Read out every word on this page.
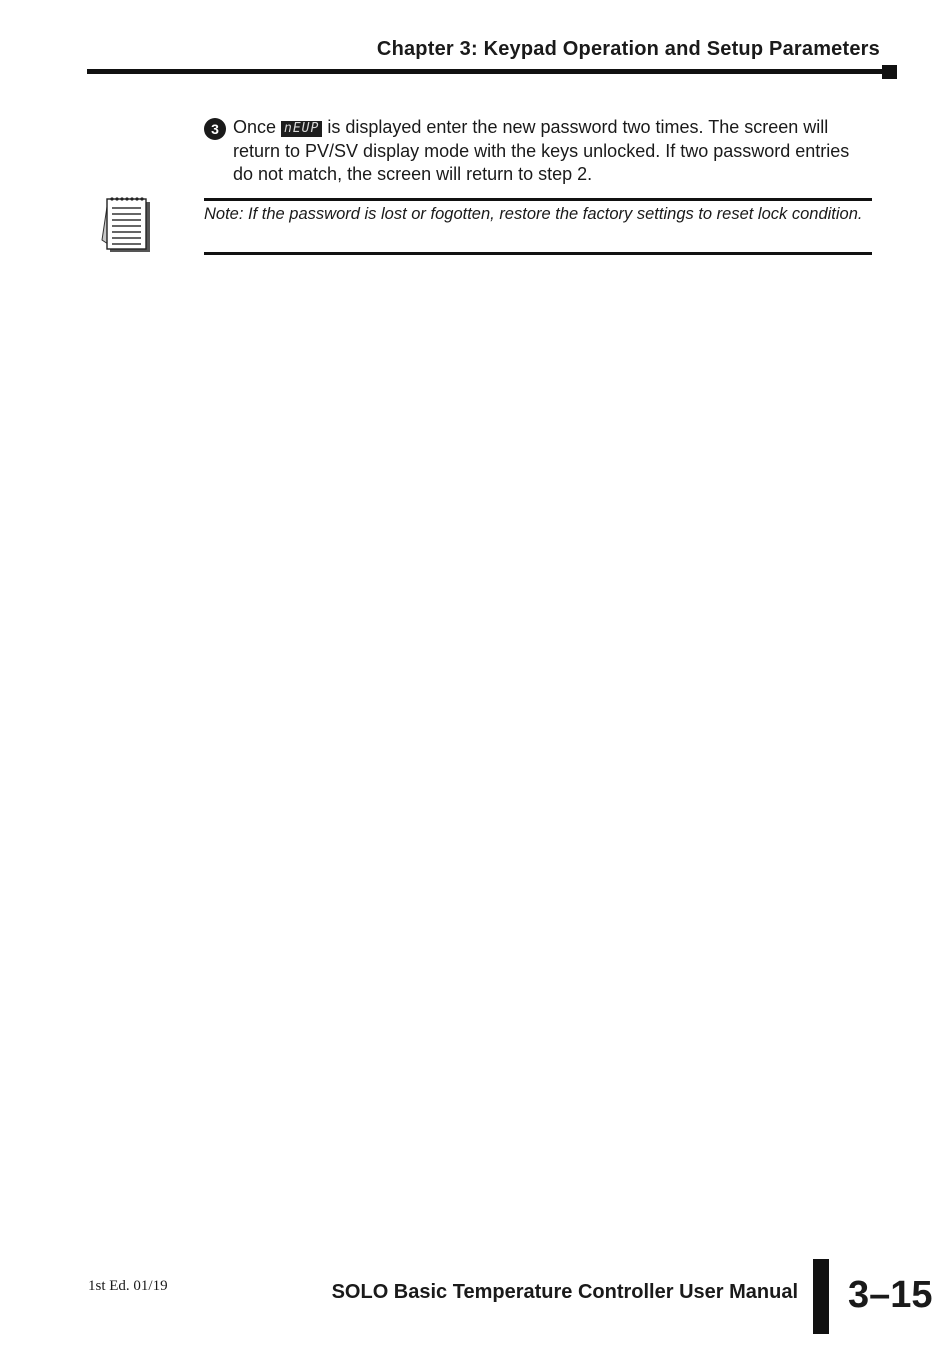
Chapter 3: Keypad Operation and Setup Parameters
3 Once nEUP is displayed enter the new password two times. The screen will return to PV/SV display mode with the keys unlocked. If two password entries do not match, the screen will return to step 2.
Note: If the password is lost or fogotten, restore the factory settings to reset lock condition.
1st Ed. 01/19	SOLO Basic Temperature Controller User Manual 3–15
